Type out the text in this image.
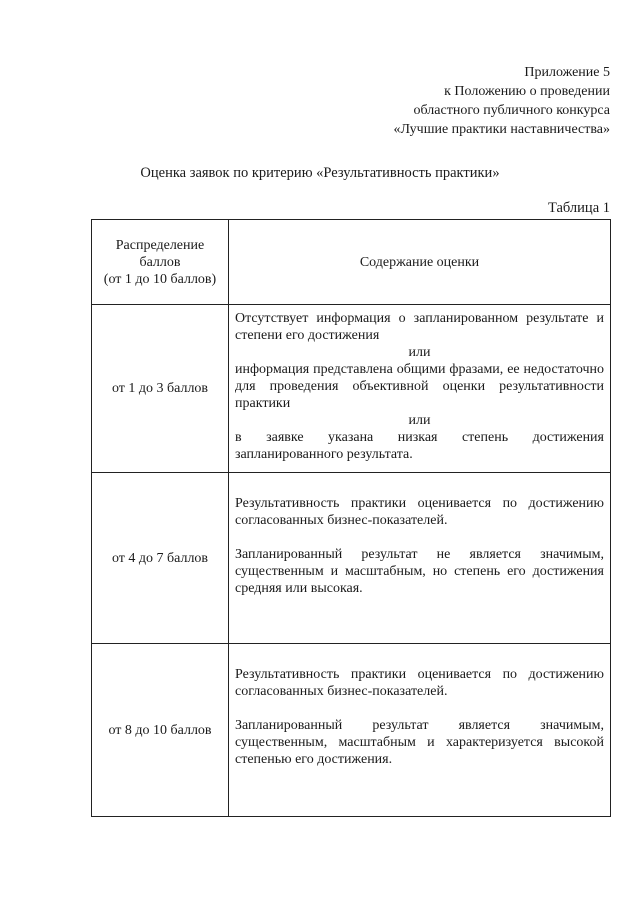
Приложение 5
к Положению о проведении
областного публичного конкурса
«Лучшие практики наставничества»
Оценка заявок по критерию «Результативность практики»
Таблица 1
Распределение
баллов
(от 1 до 10 баллов)	Содержание оценки
от 1 до 3 баллов	Отсутствует информация о запланированном результате и степени его достижения
или
информация представлена общими фразами, ее недостаточно для проведения объективной оценки результативности практики
или
в заявке указана низкая степень достижения запланированного результата.

от 4 до 7 баллов	Результативность практики оценивается по достижению согласованных бизнес-показателей.
Запланированный результат не является значимым, существенным и масштабным, но степень его достижения средняя или высокая.

от 8 до 10 баллов	Результативность практики оценивается по достижению согласованных бизнес-показателей.
Запланированный результат является значимым, существенным, масштабным и характеризуется высокой степенью его достижения.
